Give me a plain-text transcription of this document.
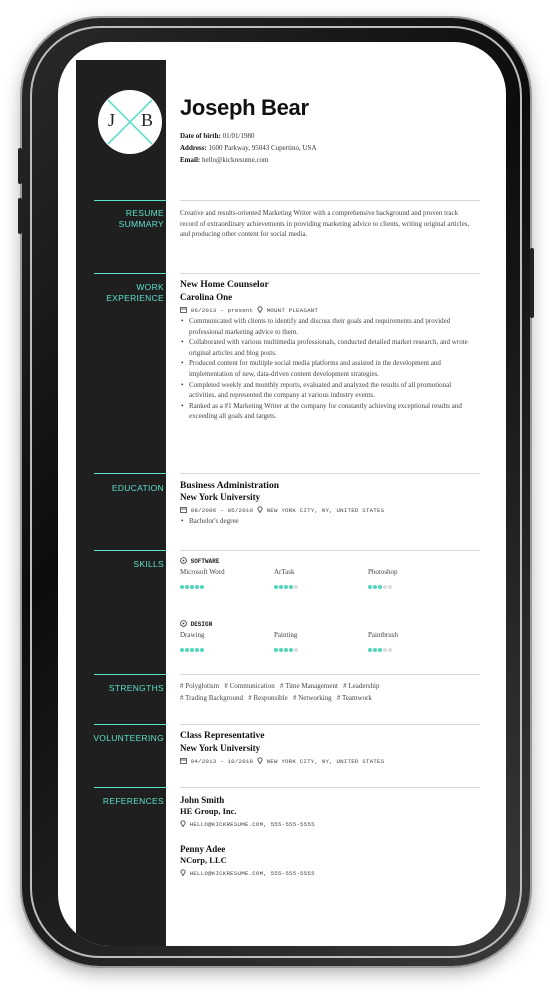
J B
RESUME
SUMMARY
WORK
EXPERIENCE
EDUCATION
SKILLS
STRENGTHS
VOLUNTEERING
REFERENCES
Joseph Bear
Date of birth: 01/01/1980
Address: 1600 Parkway, 95043 Cupertino, USA
Email: hello@kickresume.com
Creative and results-oriented Marketing Writer with a comprehensive background and proven track record of extraordinary achievements in providing marketing advice to clients, writing original articles, and producing other content for social media.
New Home Counselor
Carolina One
06/2013 – present MOUNT PLEASANT
• Communicated with clients to identify and discuss their goals and requirements and provided professional marketing advice to them.
• Collaborated with various multimedia professionals, conducted detailed market research, and wrote original articles and blog posts.
• Produced content for multiple social media platforms and assisted in the development and implementation of new, data-driven content development strategies.
• Completed weekly and monthly reports, evaluated and analyzed the results of all promotional activities, and represented the company at various industry events.
• Ranked as a #1 Marketing Writer at the company for constantly achieving exceptional results and exceeding all goals and targets.
Business Administration
New York University
08/2006 – 05/2010 NEW YORK CITY, NY, UNITED STATES
• Bachelor's degree
SOFTWARE
Microsoft Word	ArTask	Photoshop
DESIGN
Drawing	Painting	Paintbrush
# Polyglotism   # Communication   # Time Management   # Leadership
# Trading Background   # Responsible   # Networking   # Teamwork
Class Representative
New York University
04/2013 – 10/2018 NEW YORK CITY, NY, UNITED STATES
John Smith
HE Group, Inc.
HELLO@KICKRESUME.COM, 555-555-5555
Penny Adee
NCorp, LLC
HELLO@KICKRESUME.COM, 555-555-5555
